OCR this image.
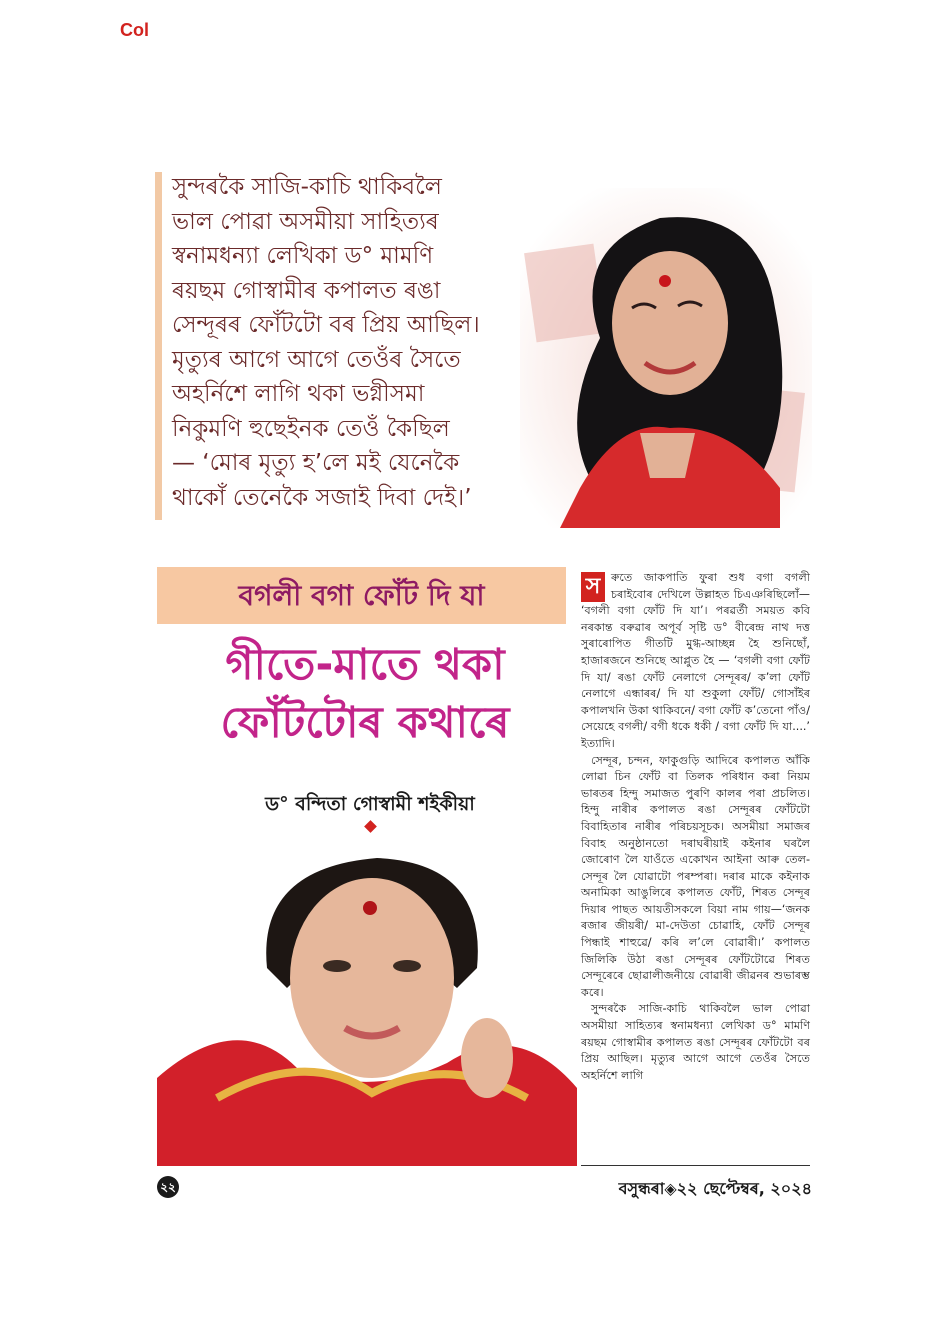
Col
সুন্দৰকৈ সাজি-কাচি থাকিবলৈ
ভাল পোৱা অসমীয়া সাহিত্যৰ
স্বনামধন্যা লেখিকা ড° মামণি
ৰয়ছম গোস্বামীৰ কপালত ৰঙা
সেন্দূৰৰ ফোঁটটো বৰ প্ৰিয় আছিল।
মৃত্যুৰ আগে আগে তেওঁৰ সৈতে
অহৰ্নিশে লাগি থকা ভগ্নীসমা
নিকুমণি হুছেইনক তেওঁ কৈছিল
— ‘মোৰ মৃত্যু হ’লে মই যেনেকৈ
থাকোঁ তেনেকৈ সজাই দিবা দেই।’
বগলী বগা ফোঁট দি যা
গীতে-মাতে থকা
ফোঁটটোৰ কথাৰে
ড° বন্দিতা গোস্বামী শইকীয়া

স ৰুতে জাকপাতি ফুৰা শুধ বগা বগলী চৰাইবোৰ দেখিলে উল্লাহত চিএঞৰিছিলোঁ— ‘বগলী বগা ফোঁট দি যা’। পৰৱৰ্তী সময়ত কবি নৰকান্ত বৰুৱাৰ অপূৰ্ব সৃষ্টি ড° বীৰেন্দ্ৰ নাথ দত্ত সুৰাৰোপিত গীতটি মুগ্ধ-আচ্ছন্ন হৈ শুনিছোঁ, হাজাৰজনে শুনিছে আপ্লুত হৈ — ‘বগলী বগা ফোঁট দি যা/ ৰঙা ফোঁট নেলাগে সেন্দূৰৰ/ ক’লা ফোঁট নেলাগে এন্ধাৰৰ/ দি যা শুকুলা ফোঁট/ গোসাঁইৰ কপালখনি উকা থাকিবনে/ বগা ফোঁট ক’তেনো পাঁও/ সেয়েহে বগলী/ বগী ধকে ধকী / বগা ফোঁট দি যা....’ ইত্যাদি।

সেন্দূৰ, চন্দন, ফাকুগুড়ি আদিৰে কপালত আঁকি লোৱা চিন ফোঁট বা তিলক পৰিধান কৰা নিয়ম ভাৰতৰ হিন্দু সমাজত পুৰণি কালৰ পৰা প্ৰচলিত। হিন্দু নাৰীৰ কপালত ৰঙা সেন্দূৰৰ ফোঁটটো বিবাহিতাৰ নাৰীৰ পৰিচয়সূচক। অসমীয়া সমাজৰ বিবাহ অনুষ্ঠানতো দৰাঘৰীয়াই কইনাৰ ঘৰলৈ জোৰোণ লৈ যাওঁতে একোখন আইনা আৰু তেল-সেন্দূৰ লৈ যোৱাটো পৰম্পৰা। দৰাৰ মাকে কইনাক অনামিকা আঙুলিৰে কপালত ফোঁট, শিৰত সেন্দূৰ দিয়াৰ পাছত আয়তীসকলে বিয়া নাম গায়—‘জনক ৰজাৰ জীয়ৰী/ মা-দেউতা চোৱাহি, ফোঁট সেন্দূৰ পিন্ধাই শাহুৱে/ কৰি ল’লে বোৱাৰী।’ কপালত জিলিকি উঠা ৰঙা সেন্দূৰৰ ফোঁটটোৱে শিৰত সেন্দূৰেৰে ছোৱালীজনীয়ে বোৱাৰী জীৱনৰ শুভাৰম্ভ কৰে।

সুন্দৰকৈ সাজি-কাচি থাকিবলৈ ভাল পোৱা অসমীয়া সাহিত্যৰ স্বনামধন্যা লেখিকা ড° মামণি ৰয়ছম গোস্বামীৰ কপালত ৰঙা সেন্দূৰৰ ফোঁটটো বৰ প্ৰিয় আছিল। মৃত্যুৰ আগে আগে তেওঁৰ সৈতে অহৰ্নিশে লাগি

২২	বসুন্ধৰা◈২২ ছেপ্টেম্বৰ, ২০২৪
